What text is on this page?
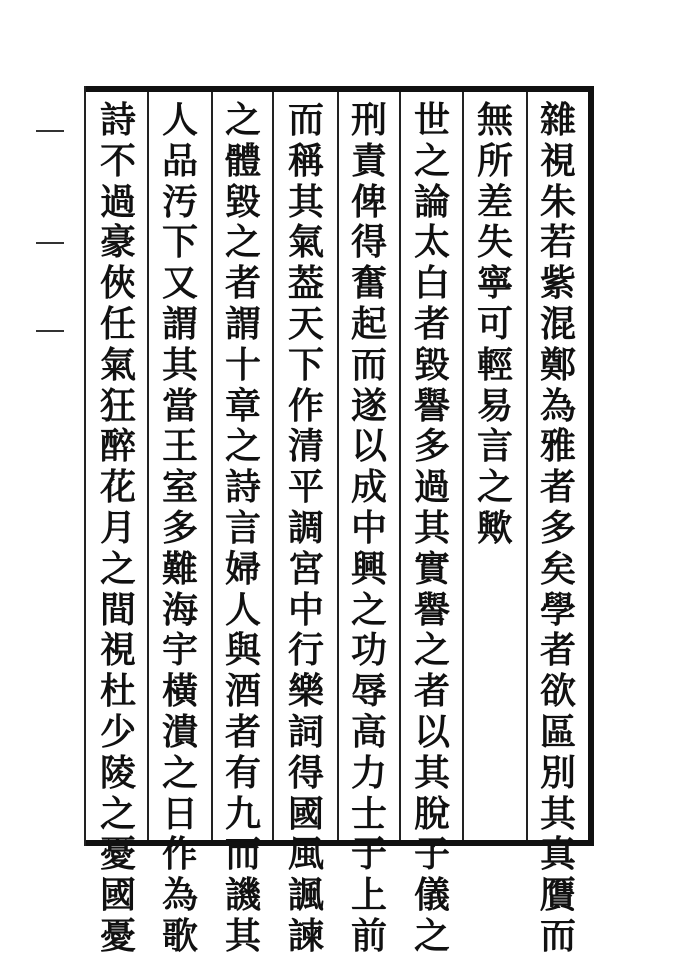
雜
視
朱
若
紫
混
鄭
為
雅
者
多
矣
學
者
欲
區
別
其
真
贋
而
無
所
差
失
寧
可
輕
易
言
之
歟
世
之
論
太
白
者
毀
譽
多
過
其
實
譽
之
者
以
其
脫
子
儀
之
刑
責
俾
得
奮
起
而
遂
以
成
中
興
之
功
辱
高
力
士
于
上
前
而
稱
其
氣
葢
天
下
作
清
平
調
宮
中
行
樂
詞
得
國
風
諷
諫
之
體
毀
之
者
謂
十
章
之
詩
言
婦
人
與
酒
者
有
九
而
譏
其
人
品
汚
下
又
謂
其
當
王
室
多
難
海
宇
橫
潰
之
日
作
為
歌
詩
不
過
豪
俠
任
氣
狂
醉
花
月
之
間
視
杜
少
陵
之
憂
國
憂
